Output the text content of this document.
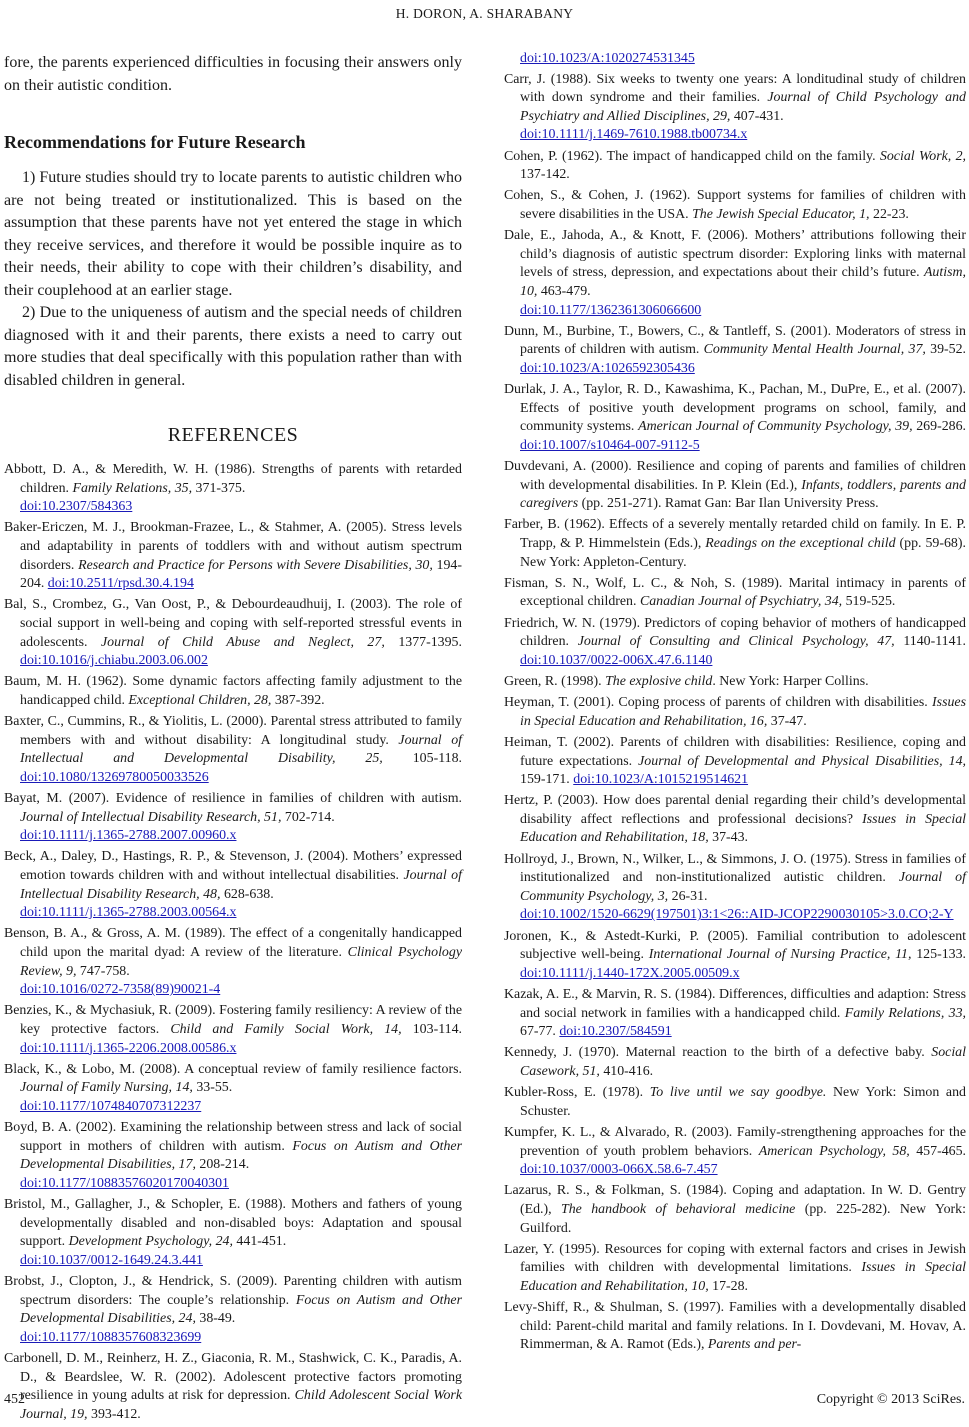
H. DORON, A. SHARABANY

fore, the parents experienced difficulties in focusing their answers only on their autistic condition.

Recommendations for Future Research

1) Future studies should try to locate parents to autistic children who are not being treated or institutionalized. This is based on the assumption that these parents have not yet entered the stage in which they receive services, and therefore it would be possible inquire as to their needs, their ability to cope with their children’s disability, and their couplehood at an earlier stage.

2) Due to the uniqueness of autism and the special needs of children diagnosed with it and their parents, there exists a need to carry out more studies that deal specifically with this population rather than with disabled children in general.

REFERENCES

Abbott, D. A., & Meredith, W. H. (1986). Strengths of parents with retarded children. Family Relations, 35, 371-375.
doi:10.2307/584363

Baker-Ericzen, M. J., Brookman-Frazee, L., & Stahmer, A. (2005). Stress levels and adaptability in parents of toddlers with and without autism spectrum disorders. Research and Practice for Persons with Severe Disabilities, 30, 194-204. doi:10.2511/rpsd.30.4.194

Bal, S., Crombez, G., Van Oost, P., & Debourdeaudhuij, I. (2003). The role of social support in well-being and coping with self-reported stressful events in adolescents. Journal of Child Abuse and Neglect, 27, 1377-1395. doi:10.1016/j.chiabu.2003.06.002

Baum, M. H. (1962). Some dynamic factors affecting family adjustment to the handicapped child. Exceptional Children, 28, 387-392.

Baxter, C., Cummins, R., & Yiolitis, L. (2000). Parental stress attributed to family members with and without disability: A longitudinal study. Journal of Intellectual and Developmental Disability, 25, 105-118. doi:10.1080/13269780050033526

Bayat, M. (2007). Evidence of resilience in families of children with autism. Journal of Intellectual Disability Research, 51, 702-714.
doi:10.1111/j.1365-2788.2007.00960.x

Beck, A., Daley, D., Hastings, R. P., & Stevenson, J. (2004). Mothers’ expressed emotion towards children with and without intellectual disabilities. Journal of Intellectual Disability Research, 48, 628-638.
doi:10.1111/j.1365-2788.2003.00564.x

Benson, B. A., & Gross, A. M. (1989). The effect of a congenitally handicapped child upon the marital dyad: A review of the literature. Clinical Psychology Review, 9, 747-758.
doi:10.1016/0272-7358(89)90021-4

Benzies, K., & Mychasiuk, R. (2009). Fostering family resiliency: A review of the key protective factors. Child and Family Social Work, 14, 103-114. doi:10.1111/j.1365-2206.2008.00586.x

Black, K., & Lobo, M. (2008). A conceptual review of family resilience factors. Journal of Family Nursing, 14, 33-55.
doi:10.1177/1074840707312237

Boyd, B. A. (2002). Examining the relationship between stress and lack of social support in mothers of children with autism. Focus on Autism and Other Developmental Disabilities, 17, 208-214.
doi:10.1177/10883576020170040301

Bristol, M., Gallagher, J., & Schopler, E. (1988). Mothers and fathers of young developmentally disabled and non-disabled boys: Adaptation and spousal support. Development Psychology, 24, 441-451.
doi:10.1037/0012-1649.24.3.441

Brobst, J., Clopton, J., & Hendrick, S. (2009). Parenting children with autism spectrum disorders: The couple’s relationship. Focus on Autism and Other Developmental Disabilities, 24, 38-49.
doi:10.1177/1088357608323699

Carbonell, D. M., Reinherz, H. Z., Giaconia, R. M., Stashwick, C. K., Paradis, A. D., & Beardslee, W. R. (2002). Adolescent protective factors promoting resilience in young adults at risk for depression. Child Adolescent Social Work Journal, 19, 393-412.

doi:10.1023/A:1020274531345

Carr, J. (1988). Six weeks to twenty one years: A londitudinal study of children with down syndrome and their families. Journal of Child Psychology and Psychiatry and Allied Disciplines, 29, 407-431.
doi:10.1111/j.1469-7610.1988.tb00734.x

Cohen, P. (1962). The impact of handicapped child on the family. Social Work, 2, 137-142.

Cohen, S., & Cohen, J. (1962). Support systems for families of children with severe disabilities in the USA. The Jewish Special Educator, 1, 22-23.

Dale, E., Jahoda, A., & Knott, F. (2006). Mothers’ attributions following their child’s diagnosis of autistic spectrum disorder: Exploring links with maternal levels of stress, depression, and expectations about their child’s future. Autism, 10, 463-479.
doi:10.1177/1362361306066600

Dunn, M., Burbine, T., Bowers, C., & Tantleff, S. (2001). Moderators of stress in parents of children with autism. Community Mental Health Journal, 37, 39-52. doi:10.1023/A:1026592305436

Durlak, J. A., Taylor, R. D., Kawashima, K., Pachan, M., DuPre, E., et al. (2007). Effects of positive youth development programs on school, family, and community systems. American Journal of Community Psychology, 39, 269-286. doi:10.1007/s10464-007-9112-5

Duvdevani, A. (2000). Resilience and coping of parents and families of children with developmental disabilities. In P. Klein (Ed.), Infants, toddlers, parents and caregivers (pp. 251-271). Ramat Gan: Bar Ilan University Press.

Farber, B. (1962). Effects of a severely mentally retarded child on family. In E. P. Trapp, & P. Himmelstein (Eds.), Readings on the exceptional child (pp. 59-68). New York: Appleton-Century.

Fisman, S. N., Wolf, L. C., & Noh, S. (1989). Marital intimacy in parents of exceptional children. Canadian Journal of Psychiatry, 34, 519-525.

Friedrich, W. N. (1979). Predictors of coping behavior of mothers of handicapped children. Journal of Consulting and Clinical Psychology, 47, 1140-1141. doi:10.1037/0022-006X.47.6.1140

Green, R. (1998). The explosive child. New York: Harper Collins.

Heyman, T. (2001). Coping process of parents of children with disabilities. Issues in Special Education and Rehabilitation, 16, 37-47.

Heiman, T. (2002). Parents of children with disabilities: Resilience, coping and future expectations. Journal of Developmental and Physical Disabilities, 14, 159-171. doi:10.1023/A:1015219514621

Hertz, P. (2003). How does parental denial regarding their child’s developmental disability affect reflections and professional decisions? Issues in Special Education and Rehabilitation, 18, 37-43.

Hollroyd, J., Brown, N., Wilker, L., & Simmons, J. O. (1975). Stress in families of institutionalized and non-institutionalized autistic children. Journal of Community Psychology, 3, 26-31.
doi:10.1002/1520-6629(197501)3:1<26::AID-JCOP2290030105>3.0.CO;2-Y

Joronen, K., & Astedt-Kurki, P. (2005). Familial contribution to adolescent subjective well-being. International Journal of Nursing Practice, 11, 125-133. doi:10.1111/j.1440-172X.2005.00509.x

Kazak, A. E., & Marvin, R. S. (1984). Differences, difficulties and adaption: Stress and social network in families with a handicapped child. Family Relations, 33, 67-77. doi:10.2307/584591

Kennedy, J. (1970). Maternal reaction to the birth of a defective baby. Social Casework, 51, 410-416.

Kubler-Ross, E. (1978). To live until we say goodbye. New York: Simon and Schuster.

Kumpfer, K. L., & Alvarado, R. (2003). Family-strengthening approaches for the prevention of youth problem behaviors. American Psychology, 58, 457-465. doi:10.1037/0003-066X.58.6-7.457

Lazarus, R. S., & Folkman, S. (1984). Coping and adaptation. In W. D. Gentry (Ed.), The handbook of behavioral medicine (pp. 225-282). New York: Guilford.

Lazer, Y. (1995). Resources for coping with external factors and crises in Jewish families with children with developmental limitations. Issues in Special Education and Rehabilitation, 10, 17-28.

Levy-Shiff, R., & Shulman, S. (1997). Families with a developmentally disabled child: Parent-child marital and family relations. In I. Dovdevani, M. Hovav, A. Rimmerman, & A. Ramot (Eds.), Parents and per-

452	Copyright © 2013 SciRes.
